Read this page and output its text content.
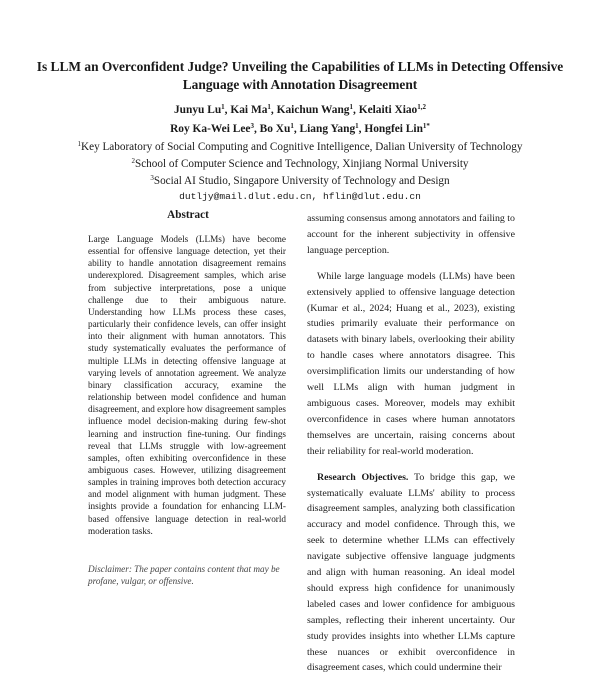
Is LLM an Overconfident Judge? Unveiling the Capabilities of LLMs in Detecting Offensive Language with Annotation Disagreement
Junyu Lu$^1$, Kai Ma$^1$, Kaichun Wang$^1$, Kelaiti Xiao$^{1,2}$
Roy Ka-Wei Lee$^3$, Bo Xu$^1$, Liang Yang$^1$, Hongfei Lin$^{1*}$
$^1$Key Laboratory of Social Computing and Cognitive Intelligence, Dalian University of Technology
$^2$School of Computer Science and Technology, Xinjiang Normal University
$^3$Social AI Studio, Singapore University of Technology and Design
dutljy@mail.dlut.edu.cn, hflin@dlut.edu.cn
Abstract
Large Language Models (LLMs) have become essential for offensive language detection, yet their ability to handle annotation disagreement remains underexplored. Disagreement samples, which arise from subjective interpretations, pose a unique challenge due to their ambiguous nature. Understanding how LLMs process these cases, particularly their confidence levels, can offer insight into their alignment with human annotators. This study systematically evaluates the performance of multiple LLMs in detecting offensive language at varying levels of annotation agreement. We analyze binary classification accuracy, examine the relationship between model confidence and human disagreement, and explore how disagreement samples influence model decision-making during few-shot learning and instruction fine-tuning. Our findings reveal that LLMs struggle with low-agreement samples, often exhibiting overconfidence in these ambiguous cases. However, utilizing disagreement samples in training improves both detection accuracy and model alignment with human judgment. These insights provide a foundation for enhancing LLM-based offensive language detection in real-world moderation tasks.
Disclaimer: The paper contains content that may be profane, vulgar, or offensive.

assuming consensus among annotators and failing to account for the inherent subjectivity in offensive language perception.

While large language models (LLMs) have been extensively applied to offensive language detection (Kumar et al., 2024; Huang et al., 2023), existing studies primarily evaluate their performance on datasets with binary labels, overlooking their ability to handle cases where annotators disagree. This oversimplification limits our understanding of how well LLMs align with human judgment in ambiguous cases. Moreover, models may exhibit overconfidence in cases where human annotators themselves are uncertain, raising concerns about their reliability for real-world moderation.

Research Objectives. To bridge this gap, we systematically evaluate LLMs' ability to process disagreement samples, analyzing both classification accuracy and model confidence. Through this, we seek to determine whether LLMs can effectively navigate subjective offensive language judgments and align with human reasoning. An ideal model should express high confidence for unanimously labeled cases and lower confidence for ambiguous samples, reflecting their inherent uncertainty. Our study provides insights into whether LLMs capture these nuances or exhibit overconfidence in disagreement cases, which could undermine their
